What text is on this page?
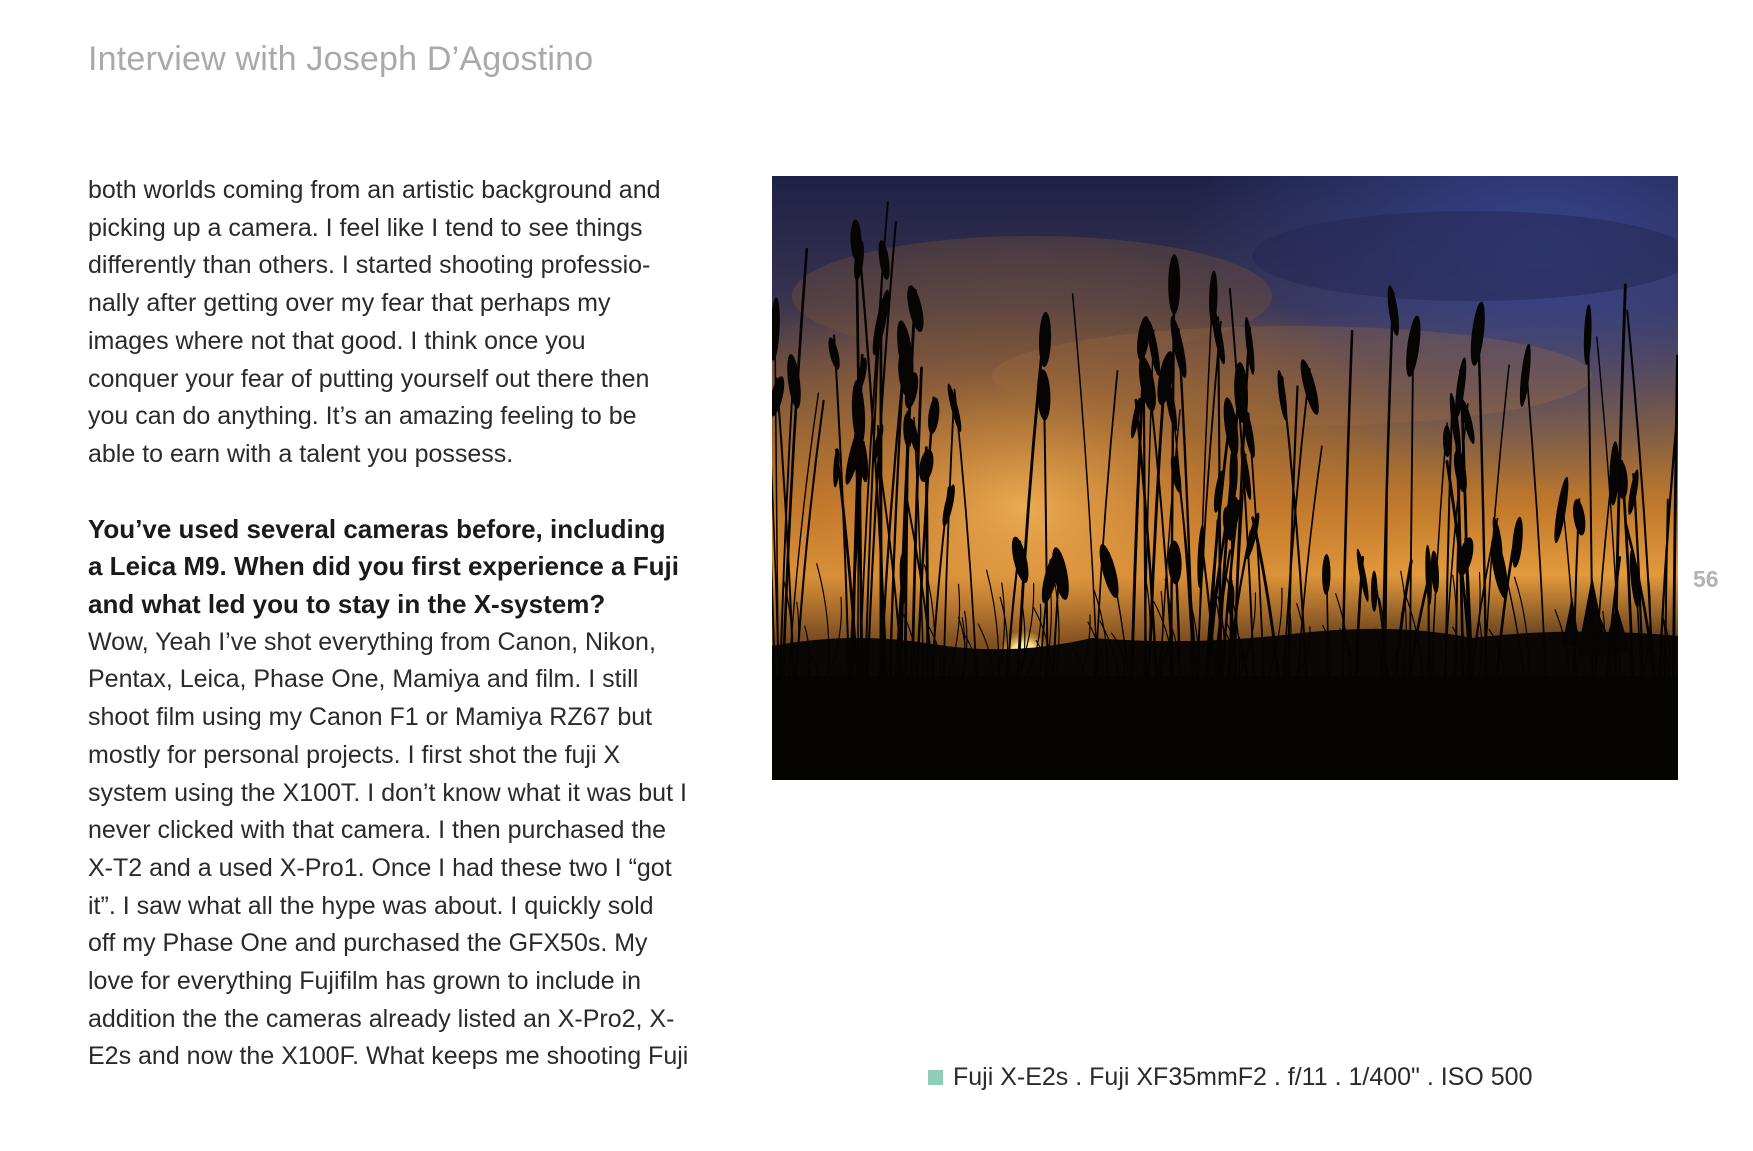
Interview with Joseph D’Agostino

both worlds coming from an artistic background and
picking up a camera. I feel like I tend to see things
differently than others. I started shooting professio-
nally after getting over my fear that perhaps my
images where not that good. I think once you
conquer your fear of putting yourself out there then
you can do anything. It’s an amazing feeling to be
able to earn with a talent you possess.

You’ve used several cameras before, including
a Leica M9. When did you first experience a Fuji
and what led you to stay in the X-system?

Wow, Yeah I’ve shot everything from Canon, Nikon,
Pentax, Leica, Phase One, Mamiya and film. I still
shoot film using my Canon F1 or Mamiya RZ67 but
mostly for personal projects. I first shot the fuji X
system using the X100T. I don’t know what it was but I
never clicked with that camera. I then purchased the
X-T2 and a used X-Pro1. Once I had these two I “got
it”. I saw what all the hype was about. I quickly sold
off my Phase One and purchased the GFX50s. My
love for everything Fujifilm has grown to include in
addition the the cameras already listed an X-Pro2, X-
E2s and now the X100F. What keeps me shooting Fuji

56
Fuji X-E2s . Fuji XF35mmF2 . f/11 . 1/400" . ISO 500
